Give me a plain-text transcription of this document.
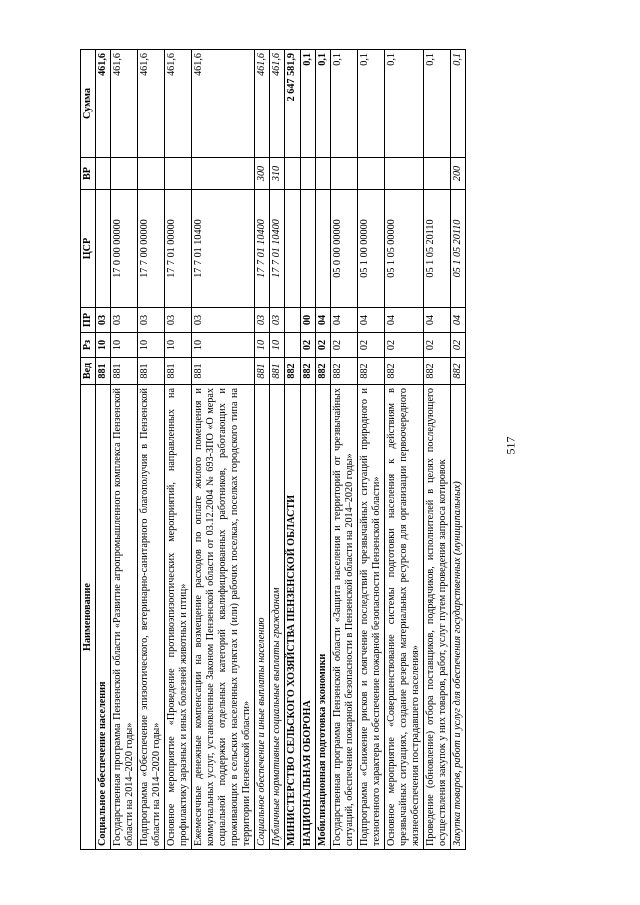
517
Наименование	Вед	Рз	ПР	ЦСР	ВР	Сумма
Социальное обеспечение населения	881	10	03			461,6
Государственная программа Пензенской области «Развитие агропромышленного комплекса Пензенской области на 2014–2020 годы»	881	10	03	17 0 00 00000		461,6
Подпрограмма «Обеспечение эпизоотического, ветеринарно-санитарного благополучия в Пензенской области на 2014–2020 годы»	881	10	03	17 7 00 00000		461,6
Основное мероприятие «Проведение противоэпизоотических мероприятий, направленных на профилактику заразных и иных болезней животных и птиц»	881	10	03	17 7 01 00000		461,6
Ежемесячные денежные компенсации на возмещение расходов по оплате жилого помещения и коммунальных услуг, установленные Законом Пензенской области от 03.12.2004 № 693-ЗПО «О мерах социальной поддержки отдельных категорий квалифицированных работников, работающих и проживающих в сельских населенных пунктах и (или) рабочих поселках, поселках городского типа на территории Пензенской области»	881	10	03	17 7 01 10400		461,6
Социальное обеспечение и иные выплаты населению	881	10	03	17 7 01 10400	300	461,6
Публичные нормативные социальные выплаты гражданам	881	10	03	17 7 01 10400	310	461,6
МИНИСТЕРСТВО СЕЛЬСКОГО ХОЗЯЙСТВА ПЕНЗЕНСКОЙ ОБЛАСТИ	882					2 647 581,9
НАЦИОНАЛЬНАЯ ОБОРОНА	882	02	00			0,1
Мобилизационная подготовка экономики	882	02	04			0,1
Государственная программа Пензенской области «Защита населения и территорий от чрезвычайных ситуаций, обеспечение пожарной безопасности в Пензенской области на 2014–2020 годы»	882	02	04	05 0 00 00000		0,1
Подпрограмма «Снижение рисков и смягчение последствий чрезвычайных ситуаций природного и техногенного характера и обеспечение пожарной безопасности Пензенской области»	882	02	04	05 1 00 00000		0,1
Основное мероприятие «Совершенствование системы подготовки населения к действиям в чрезвычайных ситуациях, создание резерва материальных ресурсов для организации первоочередного жизнеобеспечения пострадавшего населения»	882	02	04	05 1 05 00000		0,1
Проведение (обновление) отбора поставщиков, подрядчиков, исполнителей в целях последующего осуществления закупок у них товаров, работ, услуг путем проведения запроса котировок	882	02	04	05 1 05 20110		0,1
Закупка товаров, работ и услуг для обеспечения государственных (муниципальных)	882	02	04	05 1 05 20110	200	0,1
